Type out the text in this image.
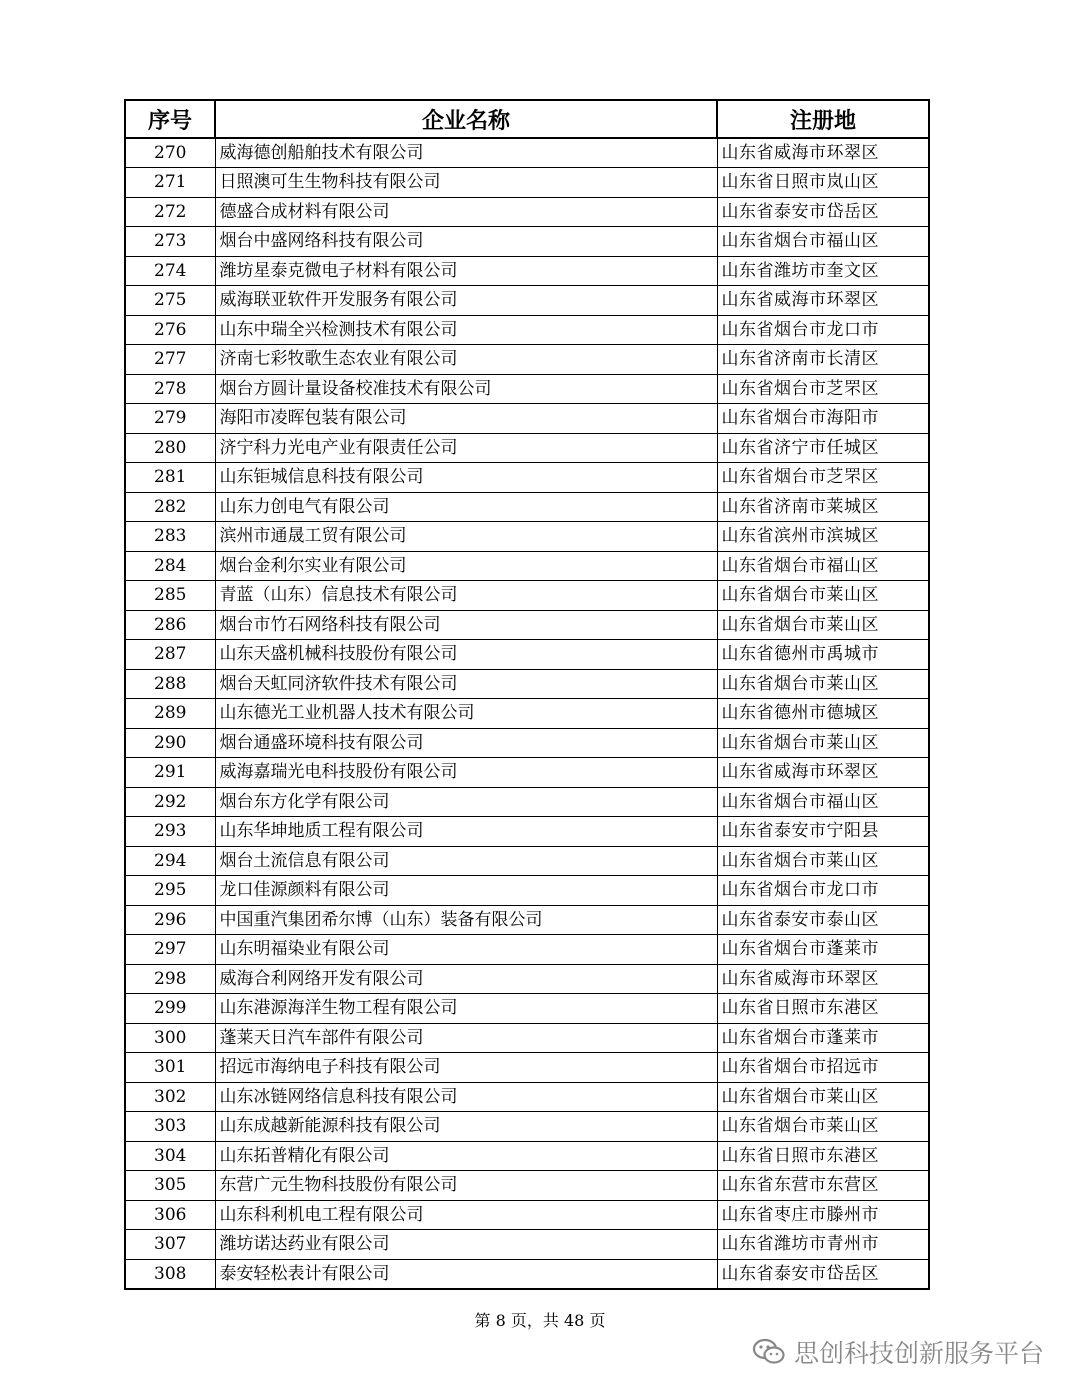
序号	企业名称	注册地
270	威海德创船舶技术有限公司	山东省威海市环翠区
271	日照澳可生生物科技有限公司	山东省日照市岚山区
272	德盛合成材料有限公司	山东省泰安市岱岳区
273	烟台中盛网络科技有限公司	山东省烟台市福山区
274	潍坊星泰克微电子材料有限公司	山东省潍坊市奎文区
275	威海联亚软件开发服务有限公司	山东省威海市环翠区
276	山东中瑞全兴检测技术有限公司	山东省烟台市龙口市
277	济南七彩牧歌生态农业有限公司	山东省济南市长清区
278	烟台方圆计量设备校准技术有限公司	山东省烟台市芝罘区
279	海阳市凌晖包装有限公司	山东省烟台市海阳市
280	济宁科力光电产业有限责任公司	山东省济宁市任城区
281	山东钜城信息科技有限公司	山东省烟台市芝罘区
282	山东力创电气有限公司	山东省济南市莱城区
283	滨州市通晟工贸有限公司	山东省滨州市滨城区
284	烟台金利尔实业有限公司	山东省烟台市福山区
285	青蓝（山东）信息技术有限公司	山东省烟台市莱山区
286	烟台市竹石网络科技有限公司	山东省烟台市莱山区
287	山东天盛机械科技股份有限公司	山东省德州市禹城市
288	烟台天虹同济软件技术有限公司	山东省烟台市莱山区
289	山东德光工业机器人技术有限公司	山东省德州市德城区
290	烟台通盛环境科技有限公司	山东省烟台市莱山区
291	威海嘉瑞光电科技股份有限公司	山东省威海市环翠区
292	烟台东方化学有限公司	山东省烟台市福山区
293	山东华坤地质工程有限公司	山东省泰安市宁阳县
294	烟台土流信息有限公司	山东省烟台市莱山区
295	龙口佳源颜料有限公司	山东省烟台市龙口市
296	中国重汽集团希尔博（山东）装备有限公司	山东省泰安市泰山区
297	山东明福染业有限公司	山东省烟台市蓬莱市
298	威海合利网络开发有限公司	山东省威海市环翠区
299	山东港源海洋生物工程有限公司	山东省日照市东港区
300	蓬莱天日汽车部件有限公司	山东省烟台市蓬莱市
301	招远市海纳电子科技有限公司	山东省烟台市招远市
302	山东冰链网络信息科技有限公司	山东省烟台市莱山区
303	山东成越新能源科技有限公司	山东省烟台市莱山区
304	山东拓普精化有限公司	山东省日照市东港区
305	东营广元生物科技股份有限公司	山东省东营市东营区
306	山东科利机电工程有限公司	山东省枣庄市滕州市
307	潍坊诺达药业有限公司	山东省潍坊市青州市
308	泰安轻松表计有限公司	山东省泰安市岱岳区
第 8 页，共 48 页
思创科技创新服务平台
